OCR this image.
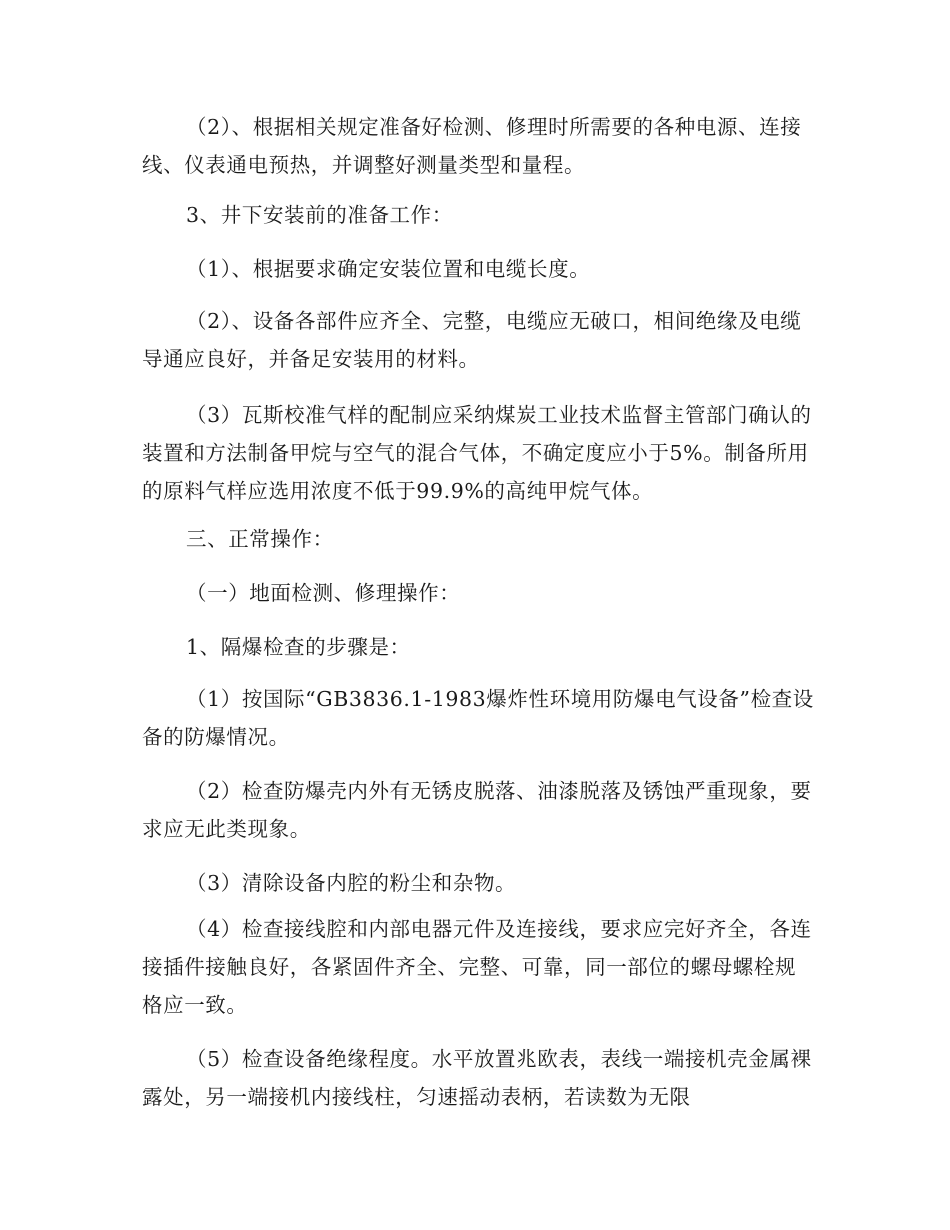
（2）、根据相关规定准备好检测、修理时所需要的各种电源、连接线、仪表通电预热，并调整好测量类型和量程。

3、井下安装前的准备工作：

（1）、根据要求确定安装位置和电缆长度。

（2）、设备各部件应齐全、完整，电缆应无破口，相间绝缘及电缆导通应良好，并备足安装用的材料。

（3）瓦斯校准气样的配制应采纳煤炭工业技术监督主管部门确认的装置和方法制备甲烷与空气的混合气体，不确定度应小于5%。制备所用的原料气样应选用浓度不低于99.9%的高纯甲烷气体。

三、正常操作：

（一）地面检测、修理操作：

1、隔爆检查的步骤是：

（1）按国际“GB3836.1-1983爆炸性环境用防爆电气设备”检查设备的防爆情况。

（2）检查防爆壳内外有无锈皮脱落、油漆脱落及锈蚀严重现象，要求应无此类现象。

（3）清除设备内腔的粉尘和杂物。

（4）检查接线腔和内部电器元件及连接线，要求应完好齐全，各连接插件接触良好，各紧固件齐全、完整、可靠，同一部位的螺母螺栓规格应一致。

（5）检查设备绝缘程度。水平放置兆欧表，表线一端接机壳金属裸露处，另一端接机内接线柱，匀速摇动表柄，若读数为无限
